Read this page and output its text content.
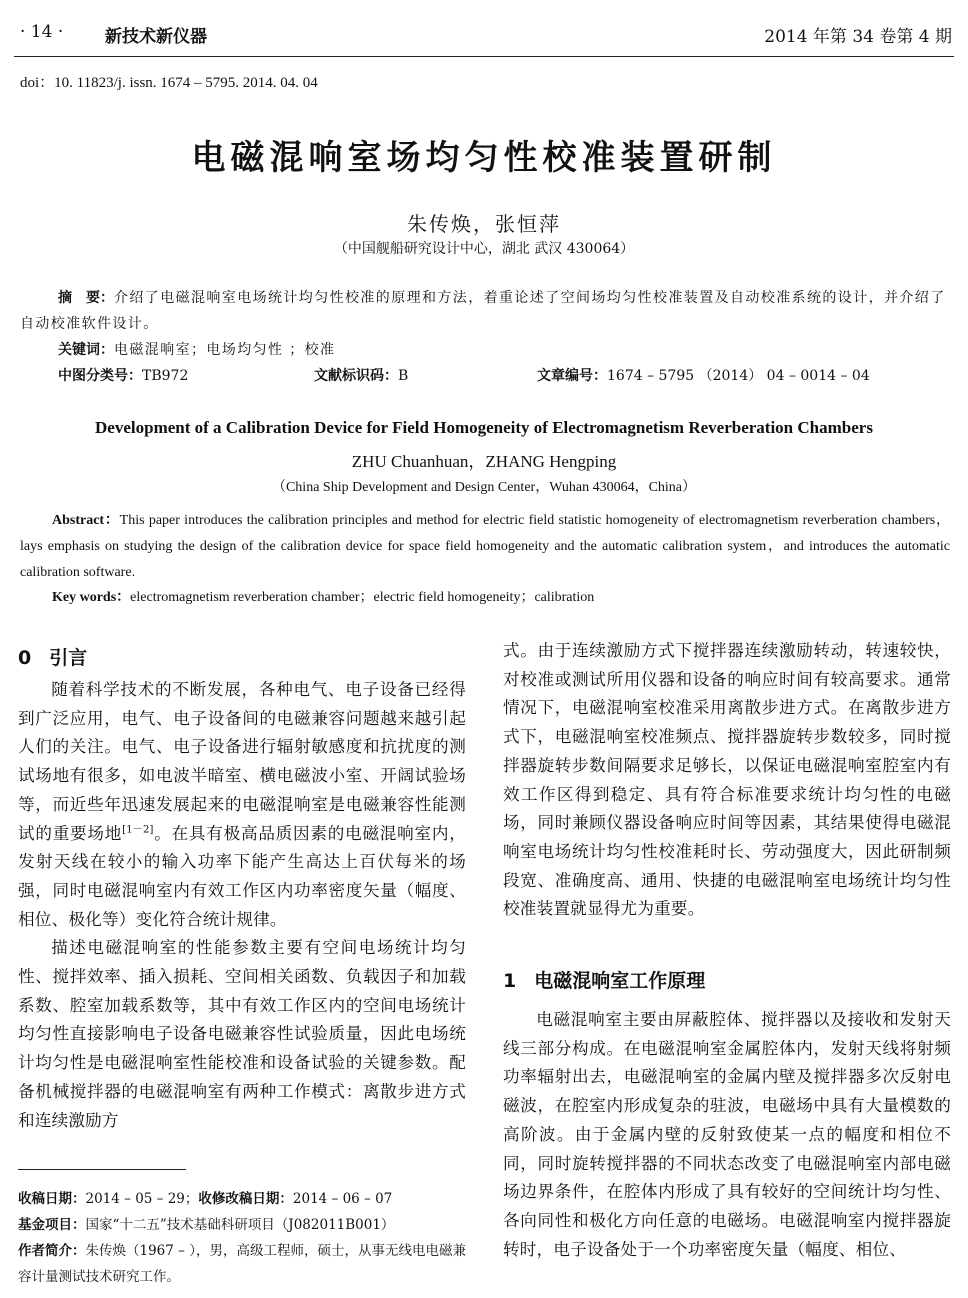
· 14 · 新技术新仪器	2014 年第 34 卷第 4 期
doi：10. 11823/j. issn. 1674 – 5795. 2014. 04. 04
电磁混响室场均匀性校准装置研制
朱传焕，张恒萍
（中国舰船研究设计中心，湖北 武汉 430064）
摘　要：介绍了电磁混响室电场统计均匀性校准的原理和方法，着重论述了空间场均匀性校准装置及自动校准系统的设计，并介绍了自动校准软件设计。
关键词：电磁混响室；电场均匀性 ；校准
中图分类号：TB972	文献标识码：B	文章编号：1674 – 5795 （2014） 04 – 0014 – 04
Development of a Calibration Device for Field Homogeneity of Electromagnetism Reverberation Chambers
ZHU Chuanhuan，ZHANG Hengping
（China Ship Development and Design Center，Wuhan 430064，China）
Abstract：This paper introduces the calibration principles and method for electric field statistic homogeneity of electromagnetism reverberation chambers，lays emphasis on studying the design of the calibration device for space field homogeneity and the automatic calibration system，and introduces the automatic calibration software.
Key words：electromagnetism reverberation chamber；electric field homogeneity；calibration
0 引言

随着科学技术的不断发展，各种电气、电子设备已经得到广泛应用，电气、电子设备间的电磁兼容问题越来越引起人们的关注。电气、电子设备进行辐射敏感度和抗扰度的测试场地有很多，如电波半暗室、横电磁波小室、开阔试验场等，而近些年迅速发展起来的电磁混响室是电磁兼容性能测试的重要场地[1－2]。在具有极高品质因素的电磁混响室内，发射天线在较小的输入功率下能产生高达上百伏每米的场强，同时电磁混响室内有效工作区内功率密度矢量（幅度、相位、极化等）变化符合统计规律。

描述电磁混响室的性能参数主要有空间电场统计均匀性、搅拌效率、插入损耗、空间相关函数、负载因子和加载系数、腔室加载系数等，其中有效工作区内的空间电场统计均匀性直接影响电子设备电磁兼容性试验质量，因此电场统计均匀性是电磁混响室性能校准和设备试验的关键参数。配备机械搅拌器的电磁混响室有两种工作模式：离散步进方式和连续激励方

式。由于连续激励方式下搅拌器连续激励转动，转速较快，对校准或测试所用仪器和设备的响应时间有较高要求。通常情况下，电磁混响室校准采用离散步进方式。在离散步进方式下，电磁混响室校准频点、搅拌器旋转步数较多，同时搅拌器旋转步数间隔要求足够长，以保证电磁混响室腔室内有效工作区得到稳定、具有符合标准要求统计均匀性的电磁场，同时兼顾仪器设备响应时间等因素，其结果使得电磁混响室电场统计均匀性校准耗时长、劳动强度大，因此研制频段宽、准确度高、通用、快捷的电磁混响室电场统计均匀性校准装置就显得尤为重要。

1 电磁混响室工作原理

电磁混响室主要由屏蔽腔体、搅拌器以及接收和发射天线三部分构成。在电磁混响室金属腔体内，发射天线将射频功率辐射出去，电磁混响室的金属内壁及搅拌器多次反射电磁波，在腔室内形成复杂的驻波，电磁场中具有大量模数的高阶波。由于金属内壁的反射致使某一点的幅度和相位不同，同时旋转搅拌器的不同状态改变了电磁混响室内部电磁场边界条件，在腔体内形成了具有较好的空间统计均匀性、各向同性和极化方向任意的电磁场。电磁混响室内搅拌器旋转时，电子设备处于一个功率密度矢量（幅度、相位、

收稿日期：2014 – 05 – 29；收修改稿日期：2014 – 06 – 07
基金项目：国家“十二五”技术基础科研项目（J082011B001）
作者简介：朱传焕（1967 – ），男，高级工程师，硕士，从事无线电电磁兼容计量测试技术研究工作。
